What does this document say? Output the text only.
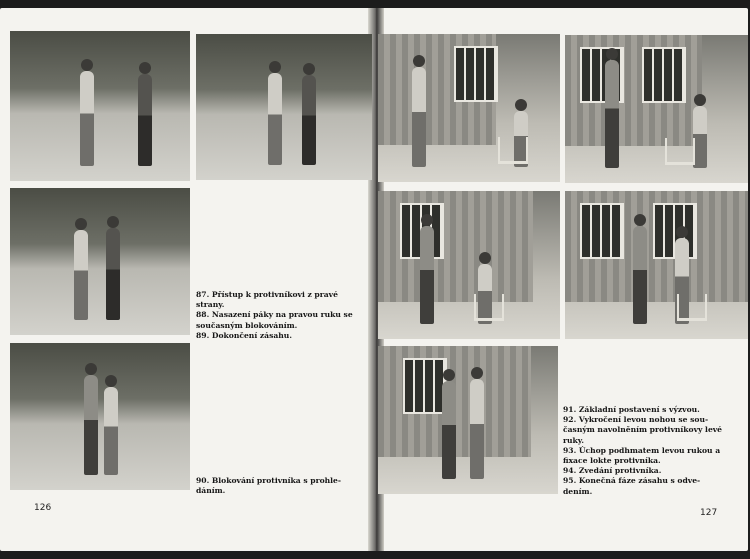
87. Přístup k protivníkovi z pravé
strany.
88. Nasazení páky na pravou ruku se
současným blokováním.
89. Dokončení zásahu.
90. Blokování protivníka s prohle-
dáním.
126
91. Základní postavení s výzvou.
92. Vykročení levou nohou se sou-
časným navolněním protivníkovy levé
ruky.
93. Úchop podhmatem levou rukou a
fixace lokte protivníka.
94. Zvedání protivníka.
95. Konečná fáze zásahu s odve-
dením.
127
